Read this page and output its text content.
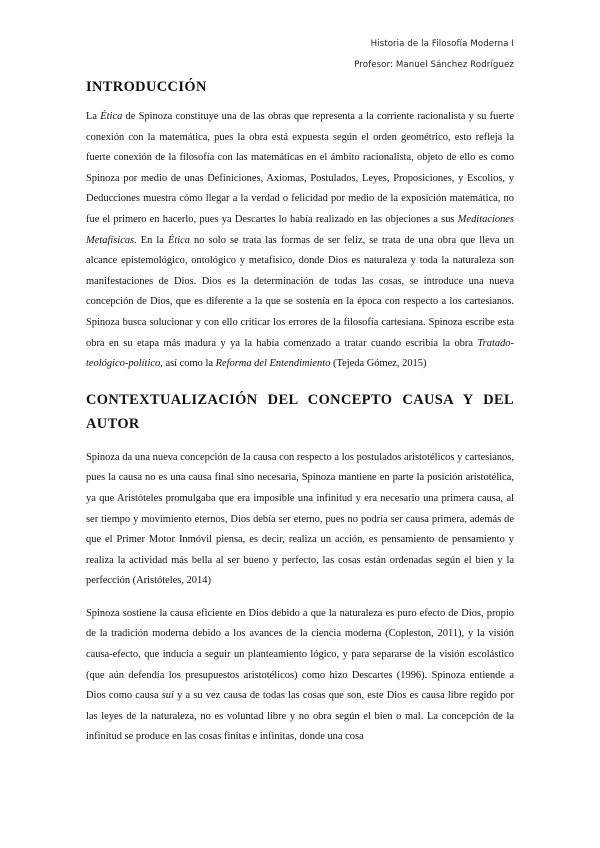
Historia de la Filosofía Moderna I
Profesor: Manuel Sánchez Rodríguez
INTRODUCCIÓN

La Ética de Spinoza constituye una de las obras que representa a la corriente racionalista y su fuerte conexión con la matemática, pues la obra está expuesta según el orden geométrico, esto refleja la fuerte conexión de la filosofía con las matemáticas en el ámbito racionalista, objeto de ello es como Spinoza por medio de unas Definiciones, Axiomas, Postulados, Leyes, Proposiciones, y Escolios, y Deducciones muestra cómo llegar a la verdad o felicidad por medio de la exposición matemática, no fue el primero en hacerlo, pues ya Descartes lo había realizado en las objeciones a sus Meditaciones Metafísicas. En la Ética no solo se trata las formas de ser feliz, se trata de una obra que lleva un alcance epistemológico, ontológico y metafísico, donde Dios es naturaleza y toda la naturaleza son manifestaciones de Dios. Dios es la determinación de todas las cosas, se introduce una nueva concepción de Dios, que es diferente a la que se sostenía en la época con respecto a los cartesianos. Spinoza busca solucionar y con ello criticar los errores de la filosofía cartesiana. Spinoza escribe esta obra en su etapa más madura y ya la había comenzado a tratar cuando escribía la obra Tratado-teológico-político, así como la Reforma del Entendimiento (Tejeda Gómez, 2015)

CONTEXTUALIZACIÓN DEL CONCEPTO CAUSA Y DEL AUTOR

Spinoza da una nueva concepción de la causa con respecto a los postulados aristotélicos y cartesianos, pues la causa no es una causa final sino necesaria, Spinoza mantiene en parte la posición aristotélica, ya que Aristóteles promulgaba que era imposible una infinitud y era necesario una primera causa, al ser tiempo y movimiento eternos, Dios debía ser eterno, pues no podría ser causa primera, además de que el Primer Motor Inmóvil piensa, es decir, realiza un acción, es pensamiento de pensamiento y realiza la actividad más bella al ser bueno y perfecto, las cosas están ordenadas según el bien y la perfección (Aristóteles, 2014)

Spinoza sostiene la causa eficiente en Dios debido a que la naturaleza es puro efecto de Dios, propio de la tradición moderna debido a los avances de la ciencia moderna (Copleston, 2011), y la visión causa-efecto, que inducía a seguir un planteamiento lógico, y para separarse de la visión escolástico (que aún defendía los presupuestos aristotélicos) como hizo Descartes (1996). Spinoza entiende a Dios como causa sui y a su vez causa de todas las cosas que son, este Dios es causa libre regido por las leyes de la naturaleza, no es voluntad libre y no obra según el bien o mal. La concepción de la infinitud se produce en las cosas finitas e infinitas, donde una cosa
